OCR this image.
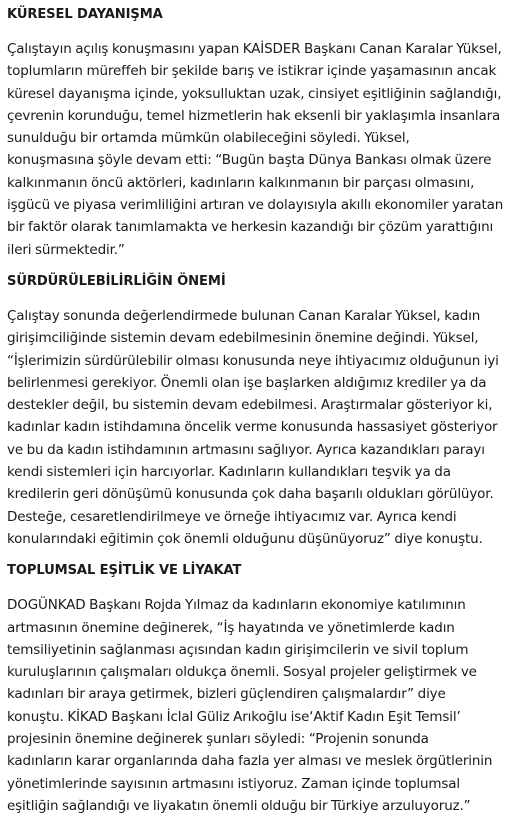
KÜRESEL DAYANIŞMA
Çalıştayın açılış konuşmasını yapan KAİSDER Başkanı Canan Karalar Yüksel,
toplumların müreffeh bir şekilde barış ve istikrar içinde yaşamasının ancak
küresel dayanışma içinde, yoksulluktan uzak, cinsiyet eşitliğinin sağlandığı,
çevrenin korunduğu, temel hizmetlerin hak eksenli bir yaklaşımla insanlara
sunulduğu bir ortamda mümkün olabileceğini söyledi. Yüksel,
konuşmasına şöyle devam etti: “Bugün başta Dünya Bankası olmak üzere
kalkınmanın öncü aktörleri, kadınların kalkınmanın bir parçası olmasını,
işgücü ve piyasa verimliliğini artıran ve dolayısıyla akıllı ekonomiler yaratan
bir faktör olarak tanımlamakta ve herkesin kazandığı bir çözüm yarattığını
ileri sürmektedir.”
SÜRDÜRÜLEBİLİRLİĞİN ÖNEMİ
Çalıştay sonunda değerlendirmede bulunan Canan Karalar Yüksel, kadın
girişimciliğinde sistemin devam edebilmesinin önemine değindi. Yüksel,
“İşlerimizin sürdürülebilir olması konusunda neye ihtiyacımız olduğunun iyi
belirlenmesi gerekiyor. Önemli olan işe başlarken aldığımız krediler ya da
destekler değil, bu sistemin devam edebilmesi. Araştırmalar gösteriyor ki,
kadınlar kadın istihdamına öncelik verme konusunda hassasiyet gösteriyor
ve bu da kadın istihdamının artmasını sağlıyor. Ayrıca kazandıkları parayı
kendi sistemleri için harcıyorlar. Kadınların kullandıkları teşvik ya da
kredilerin geri dönüşümü konusunda çok daha başarılı oldukları görülüyor.
Desteğe, cesaretlendirilmeye ve örneğe ihtiyacımız var. Ayrıca kendi
konularındaki eğitimin çok önemli olduğunu düşünüyoruz” diye konuştu.
TOPLUMSAL EŞİTLİK VE LİYAKAT
DOGÜNKAD Başkanı Rojda Yılmaz da kadınların ekonomiye katılımının
artmasının önemine değinerek, “İş hayatında ve yönetimlerde kadın
temsiliyetinin sağlanması açısından kadın girişimcilerin ve sivil toplum
kuruluşlarının çalışmaları oldukça önemli. Sosyal projeler geliştirmek ve
kadınları bir araya getirmek, bizleri güçlendiren çalışmalardır” diye
konuştu. KİKAD Başkanı İclal Güliz Arıkoğlu ise‘Aktif Kadın Eşit Temsil’
projesinin önemine değinerek şunları söyledi: “Projenin sonunda
kadınların karar organlarında daha fazla yer alması ve meslek örgütlerinin
yönetimlerinde sayısının artmasını istiyoruz. Zaman içinde toplumsal
eşitliğin sağlandığı ve liyakatın önemli olduğu bir Türkiye arzuluyoruz.”
